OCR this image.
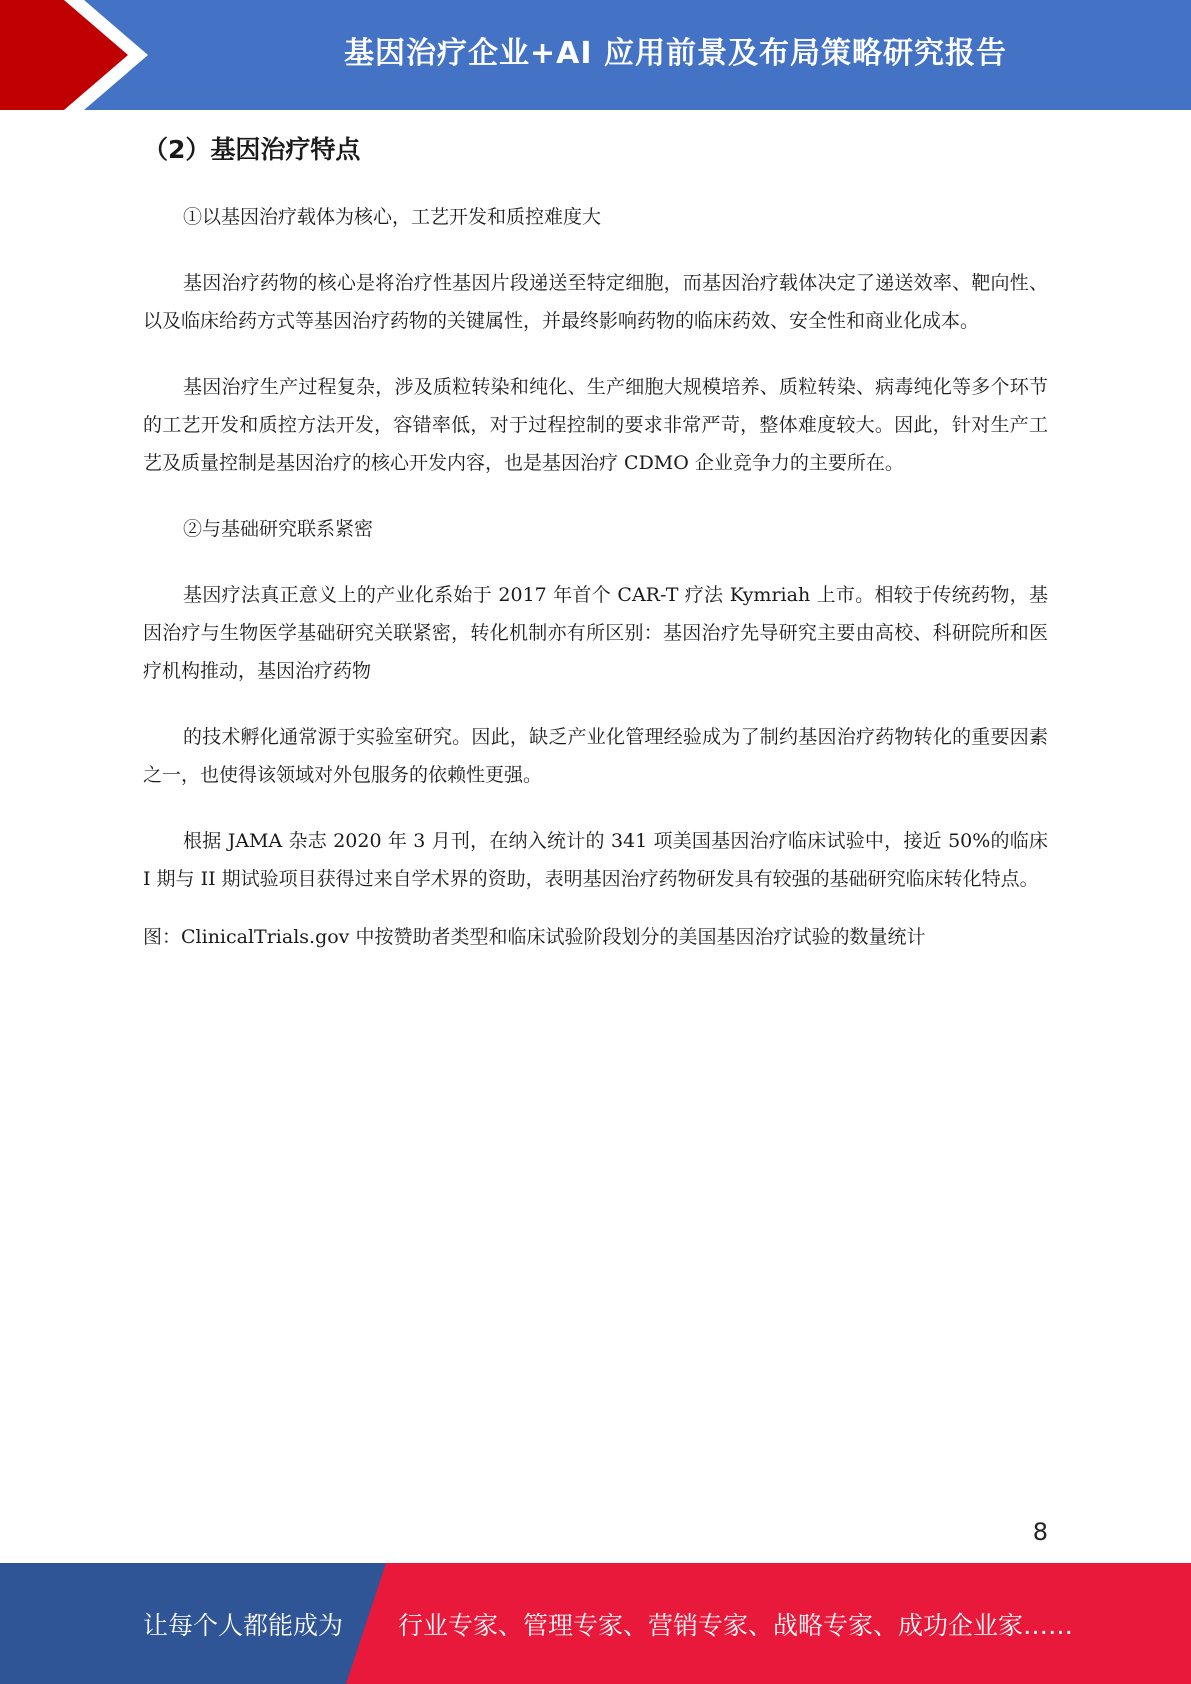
基因治疗企业+AI 应用前景及布局策略研究报告
（2）基因治疗特点

①以基因治疗载体为核心，工艺开发和质控难度大

基因治疗药物的核心是将治疗性基因片段递送至特定细胞，而基因治疗载体决定了递送效率、靶向性、以及临床给药方式等基因治疗药物的关键属性，并最终影响药物的临床药效、安全性和商业化成本。

基因治疗生产过程复杂，涉及质粒转染和纯化、生产细胞大规模培养、质粒转染、病毒纯化等多个环节的工艺开发和质控方法开发，容错率低，对于过程控制的要求非常严苛，整体难度较大。因此，针对生产工艺及质量控制是基因治疗的核心开发内容，也是基因治疗 CDMO 企业竞争力的主要所在。

②与基础研究联系紧密

基因疗法真正意义上的产业化系始于 2017 年首个 CAR-T 疗法 Kymriah 上市。相较于传统药物，基因治疗与生物医学基础研究关联紧密，转化机制亦有所区别：基因治疗先导研究主要由高校、科研院所和医疗机构推动，基因治疗药物

的技术孵化通常源于实验室研究。因此，缺乏产业化管理经验成为了制约基因治疗药物转化的重要因素之一，也使得该领域对外包服务的依赖性更强。

根据 JAMA 杂志 2020 年 3 月刊，在纳入统计的 341 项美国基因治疗临床试验中，接近 50%的临床 I 期与 II 期试验项目获得过来自学术界的资助，表明基因治疗药物研发具有较强的基础研究临床转化特点。

图：ClinicalTrials.gov 中按赞助者类型和临床试验阶段划分的美国基因治疗试验的数量统计

8
让每个人都能成为 行业专家、管理专家、营销专家、战略专家、成功企业家……
